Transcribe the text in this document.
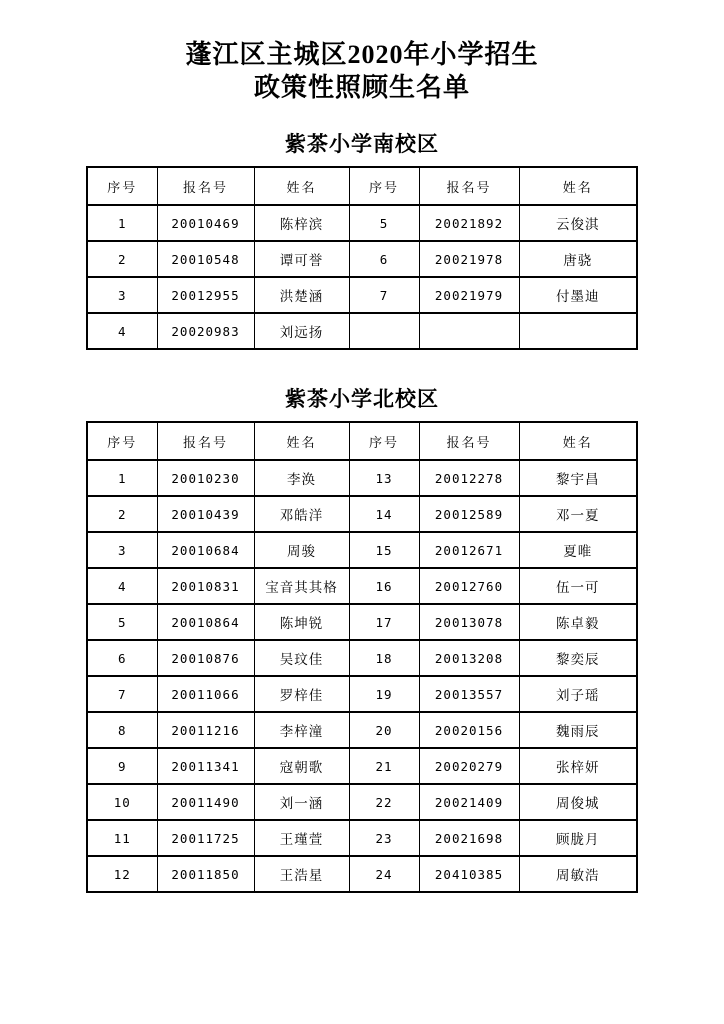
蓬江区主城区2020年小学招生
政策性照顾生名单
紫茶小学南校区
序号	报名号	姓名	序号	报名号	姓名
1	20010469	陈梓滨	5	20021892	云俊淇
2	20010548	谭可誉	6	20021978	唐骁
3	20012955	洪楚涵	7	20021979	付墨迪
4	20020983	刘远扬			
紫茶小学北校区
序号	报名号	姓名	序号	报名号	姓名
1	20010230	李涣	13	20012278	黎宇昌
2	20010439	邓皓洋	14	20012589	邓一夏
3	20010684	周骏	15	20012671	夏唯
4	20010831	宝音其其格	16	20012760	伍一可
5	20010864	陈坤锐	17	20013078	陈卓毅
6	20010876	吴玟佳	18	20013208	黎奕辰
7	20011066	罗梓佳	19	20013557	刘子瑶
8	20011216	李梓潼	20	20020156	魏雨辰
9	20011341	寇朝歌	21	20020279	张梓妍
10	20011490	刘一涵	22	20021409	周俊城
11	20011725	王瑾萱	23	20021698	顾胧月
12	20011850	王浩星	24	20410385	周敏浩
